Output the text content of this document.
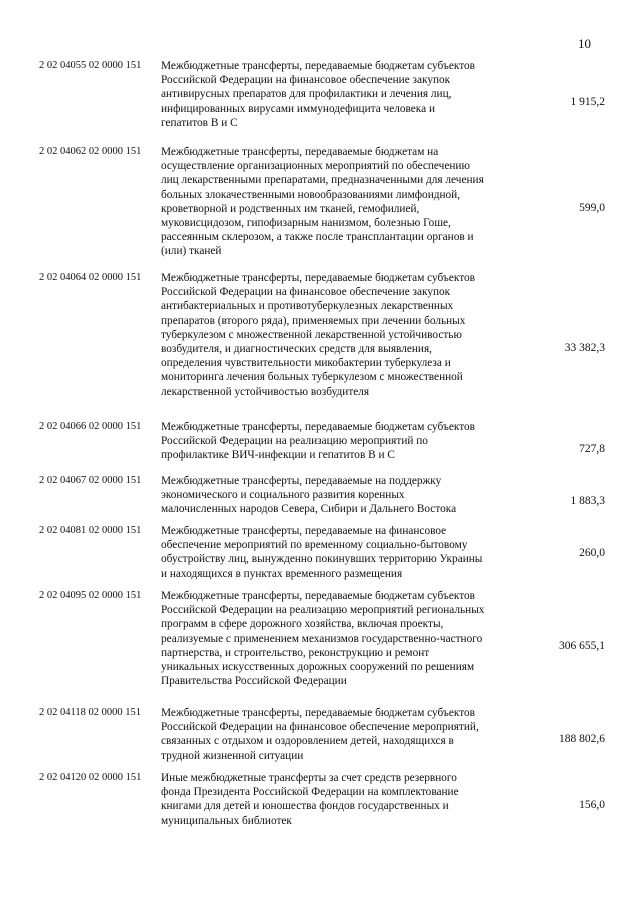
10
2 02 04055 02 0000 151 Межбюджетные трансферты, передаваемые бюджетам субъектов
Российской Федерации на финансовое обеспечение закупок
антивирусных препаратов для профилактики и лечения лиц,
инфицированных вирусами иммунодефицита человека и
гепатитов В и С
1 915,2
2 02 04062 02 0000 151 Межбюджетные трансферты, передаваемые бюджетам на
осуществление организационных мероприятий по обеспечению
лиц лекарственными препаратами, предназначенными для лечения
больных злокачественными новообразованиями лимфоидной,
кроветворной и родственных им тканей, гемофилией,
муковисцидозом, гипофизарным нанизмом, болезнью Гоше,
рассеянным склерозом, а также после трансплантации органов и
(или) тканей
599,0
2 02 04064 02 0000 151 Межбюджетные трансферты, передаваемые бюджетам субъектов
Российской Федерации на финансовое обеспечение закупок
антибактериальных и противотуберкулезных лекарственных
препаратов (второго ряда), применяемых при лечении больных
туберкулезом с множественной лекарственной устойчивостью
возбудителя, и диагностических средств для выявления,
определения чувствительности микобактерии туберкулеза и
мониторинга лечения больных туберкулезом с множественной
лекарственной устойчивостью возбудителя
33 382,3
2 02 04066 02 0000 151 Межбюджетные трансферты, передаваемые бюджетам субъектов
Российской Федерации на реализацию мероприятий по
профилактике ВИЧ-инфекции и гепатитов В и С
727,8
2 02 04067 02 0000 151 Межбюджетные трансферты, передаваемые на поддержку
экономического и социального развития коренных
малочисленных народов Севера, Сибири и Дальнего Востока
1 883,3
2 02 04081 02 0000 151 Межбюджетные трансферты, передаваемые на финансовое
обеспечение мероприятий по временному социально-бытовому
обустройству лиц, вынужденно покинувших территорию Украины
и находящихся в пунктах временного размещения
260,0
2 02 04095 02 0000 151 Межбюджетные трансферты, передаваемые бюджетам субъектов
Российской Федерации на реализацию мероприятий региональных
программ в сфере дорожного хозяйства, включая проекты,
реализуемые с применением механизмов государственно-частного
партнерства, и строительство, реконструкцию и ремонт
уникальных искусственных дорожных сооружений по решениям
Правительства Российской Федерации
306 655,1
2 02 04118 02 0000 151 Межбюджетные трансферты, передаваемые бюджетам субъектов
Российской Федерации на финансовое обеспечение мероприятий,
связанных с отдыхом и оздоровлением детей, находящихся в
трудной жизненной ситуации
188 802,6
2 02 04120 02 0000 151 Иные межбюджетные трансферты за счет средств резервного
фонда Президента Российской Федерации на комплектование
книгами для детей и юношества фондов государственных и
муниципальных библиотек
156,0
